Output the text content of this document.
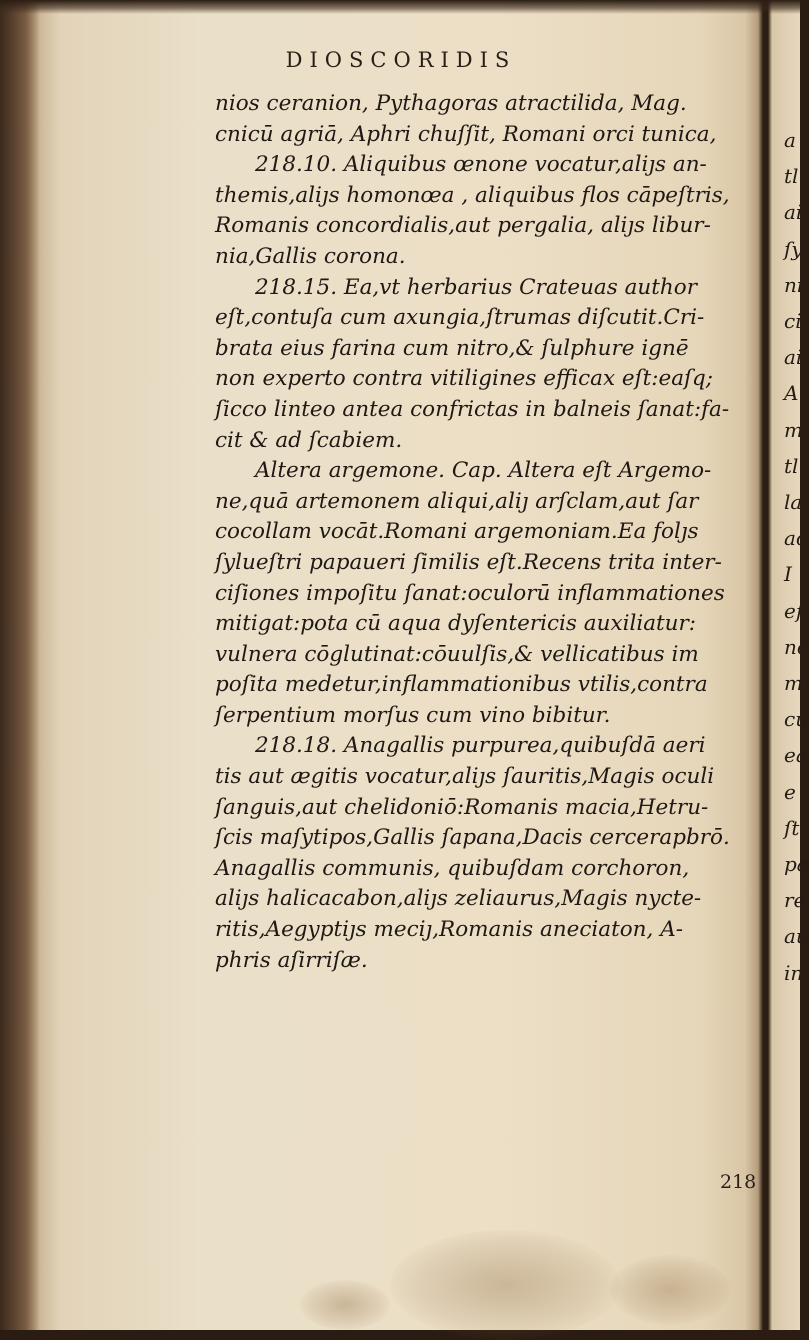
DIOSCORIDIS
nios ceranion, Pythagoras atractilida, Mag.
cnicū agriā, Aphri chuſſit, Romani orci tunica,
218.10. Aliquibus œnone vocatur,aliȷs an-
themis,aliȷs homonœa , aliquibus flos cāpeſtris,
Romanis concordialis,aut pergalia, aliȷs libur-
nia,Gallis corona.
218.15. Ea,vt herbarius Crateuas author
eſt,contuſa cum axungia,ſtrumas diſcutit.Cri-
brata eius farina cum nitro,& ſulphure ignē
non experto contra vitiligines efficax eſt:eaſq;
ſicco linteo antea confrictas in balneis ſanat:fa-
cit & ad ſcabiem.
Altera argemone. Cap. Altera eſt Argemo-
ne,quā artemonem aliqui,aliȷ arſclam,aut ſar
cocollam vocāt.Romani argemoniam.Ea folȷs
ſylueſtri papaueri ſimilis eſt.Recens trita inter-
ciſiones impoſitu ſanat:oculorū inflammationes
mitigat:pota cū aqua dyſentericis auxiliatur:
vulnera cōglutinat:cōuulſis,& vellicatibus im
poſita medetur,inflammationibus vtilis,contra
ſerpentium morſus cum vino bibitur.
218.18. Anagallis purpurea,quibuſdā aeri
tis aut ægitis vocatur,aliȷs ſauritis,Magis oculi
ſanguis,aut chelidoniō:Romanis macia,Hetru-
ſcis maſytipos,Gallis ſapana,Dacis cercerapbrō.
Anagallis communis, quibuſdam corchoron,
aliȷs halicacabon,aliȷs zeliaurus,Magis nycte-
ritis,Aegyptiȷs meciȷ,Romanis aneciaton, A-
phris aſirriſæ.
218
a
tl
ai
ſy
ni
ci
ai
A
m
tl
la
ac
I
eſ
nc
m
cu
ea
e
ſt
pa
re
au
in
